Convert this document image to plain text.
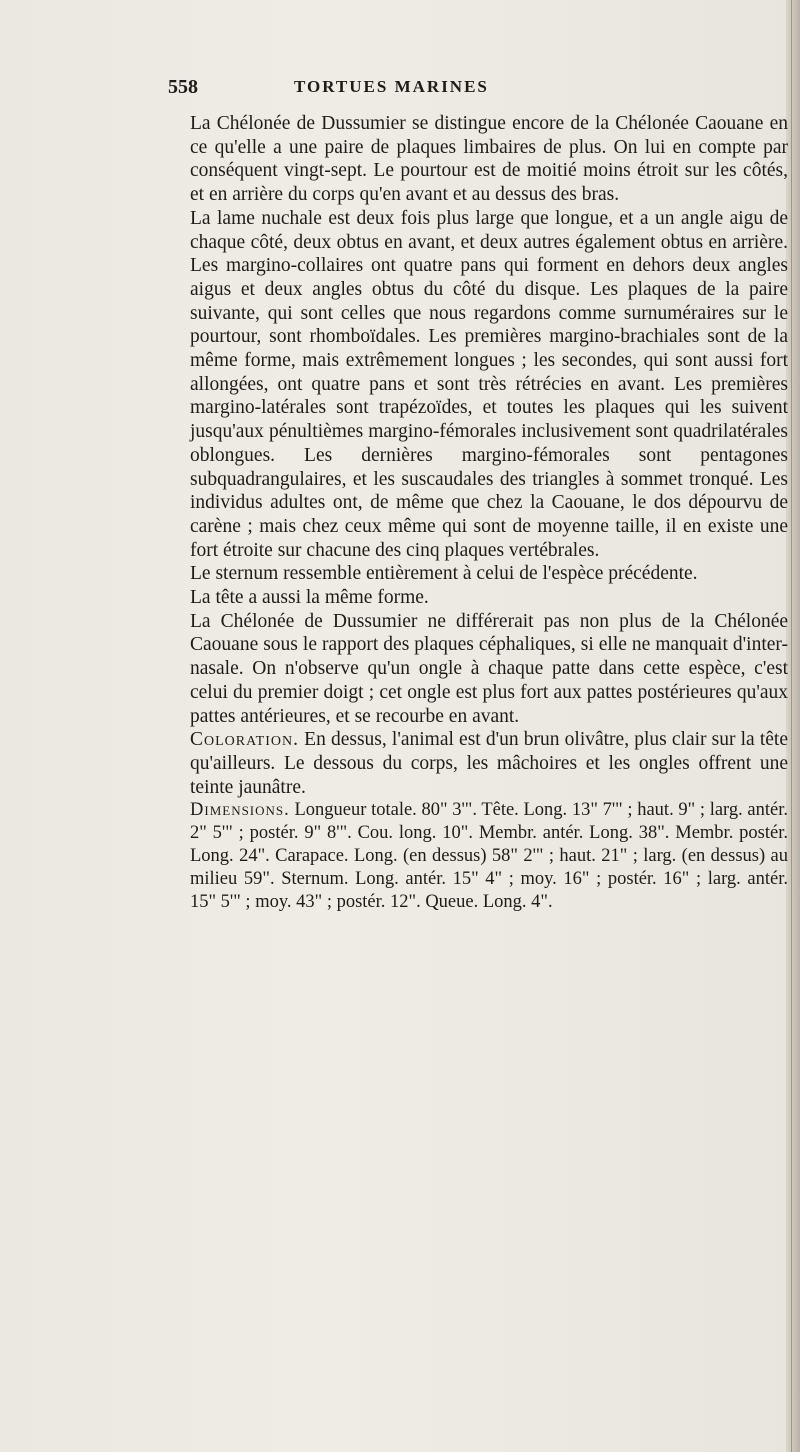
558	TORTUES MARINES

La Chélonée de Dussumier se distingue encore de la Chélonée Caouane en ce qu'elle a une paire de plaques limbaires de plus. On lui en compte par conséquent vingt-sept. Le pourtour est de moitié moins étroit sur les côtés, et en arrière du corps qu'en avant et au dessus des bras.

La lame nuchale est deux fois plus large que longue, et a un angle aigu de chaque côté, deux obtus en avant, et deux autres également obtus en arrière. Les margino-collaires ont quatre pans qui forment en dehors deux angles aigus et deux angles obtus du côté du disque. Les plaques de la paire suivante, qui sont celles que nous regardons comme surnuméraires sur le pourtour, sont rhomboïdales. Les premières margino-brachiales sont de la même forme, mais extrêmement longues ; les secondes, qui sont aussi fort allongées, ont quatre pans et sont très rétrécies en avant. Les premières margino-latérales sont trapézoïdes, et toutes les plaques qui les suivent jusqu'aux pénultièmes margino-fémorales inclusivement sont quadrilatérales oblongues. Les dernières margino-fémorales sont pentagones subquadrangulaires, et les suscaudales des triangles à sommet tronqué. Les individus adultes ont, de même que chez la Caouane, le dos dépourvu de carène ; mais chez ceux même qui sont de moyenne taille, il en existe une fort étroite sur chacune des cinq plaques vertébrales.

Le sternum ressemble entièrement à celui de l'espèce précédente.

La tête a aussi la même forme.

La Chélonée de Dussumier ne différerait pas non plus de la Chélonée Caouane sous le rapport des plaques céphaliques, si elle ne manquait d'inter-nasale. On n'observe qu'un ongle à chaque patte dans cette espèce, c'est celui du premier doigt ; cet ongle est plus fort aux pattes postérieures qu'aux pattes antérieures, et se recourbe en avant.

Coloration. En dessus, l'animal est d'un brun olivâtre, plus clair sur la tête qu'ailleurs. Le dessous du corps, les mâchoires et les ongles offrent une teinte jaunâtre.

Dimensions. Longueur totale. 80" 3'". Tête. Long. 13" 7'" ; haut. 9" ; larg. antér. 2" 5'" ; postér. 9" 8'". Cou. long. 10". Membr. antér. Long. 38". Membr. postér. Long. 24". Carapace. Long. (en dessus) 58" 2'" ; haut. 21" ; larg. (en dessus) au milieu 59". Sternum. Long. antér. 15" 4" ; moy. 16" ; postér. 16" ; larg. antér. 15" 5'" ; moy. 43" ; postér. 12". Queue. Long. 4".
